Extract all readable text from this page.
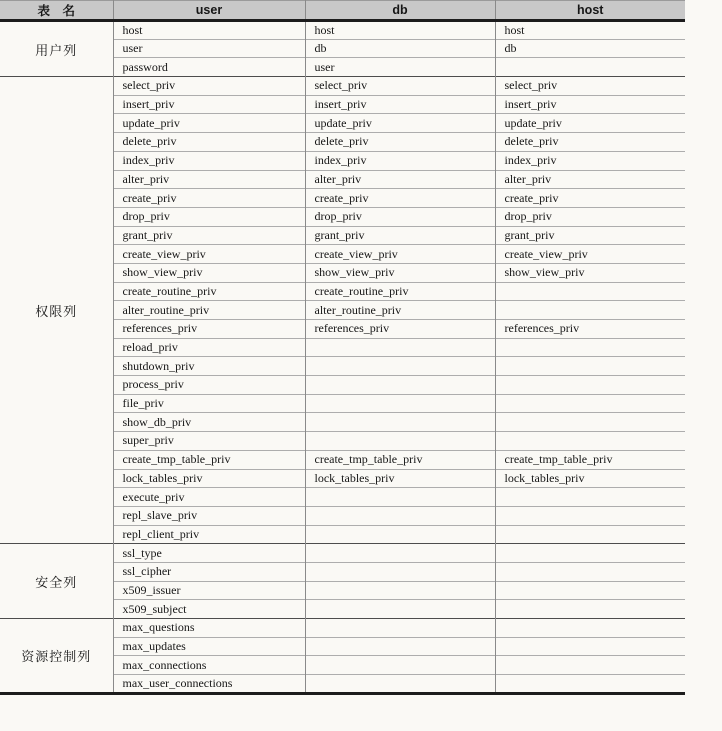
表　名	user	db	host
用户列	host	host	host
	user	db	db
	password	user	
权限列	select_priv	select_priv	select_priv
	insert_priv	insert_priv	insert_priv
	update_priv	update_priv	update_priv
	delete_priv	delete_priv	delete_priv
	index_priv	index_priv	index_priv
	alter_priv	alter_priv	alter_priv
	create_priv	create_priv	create_priv
	drop_priv	drop_priv	drop_priv
	grant_priv	grant_priv	grant_priv
	create_view_priv	create_view_priv	create_view_priv
	show_view_priv	show_view_priv	show_view_priv
	create_routine_priv	create_routine_priv	
	alter_routine_priv	alter_routine_priv	
	references_priv	references_priv	references_priv
	reload_priv		
	shutdown_priv		
	process_priv		
	file_priv		
	show_db_priv		
	super_priv		
	create_tmp_table_priv	create_tmp_table_priv	create_tmp_table_priv
	lock_tables_priv	lock_tables_priv	lock_tables_priv
	execute_priv		
	repl_slave_priv		
	repl_client_priv		
安全列	ssl_type		
	ssl_cipher		
	x509_issuer		
	x509_subject		
资源控制列	max_questions		
	max_updates		
	max_connections		
	max_user_connections		
